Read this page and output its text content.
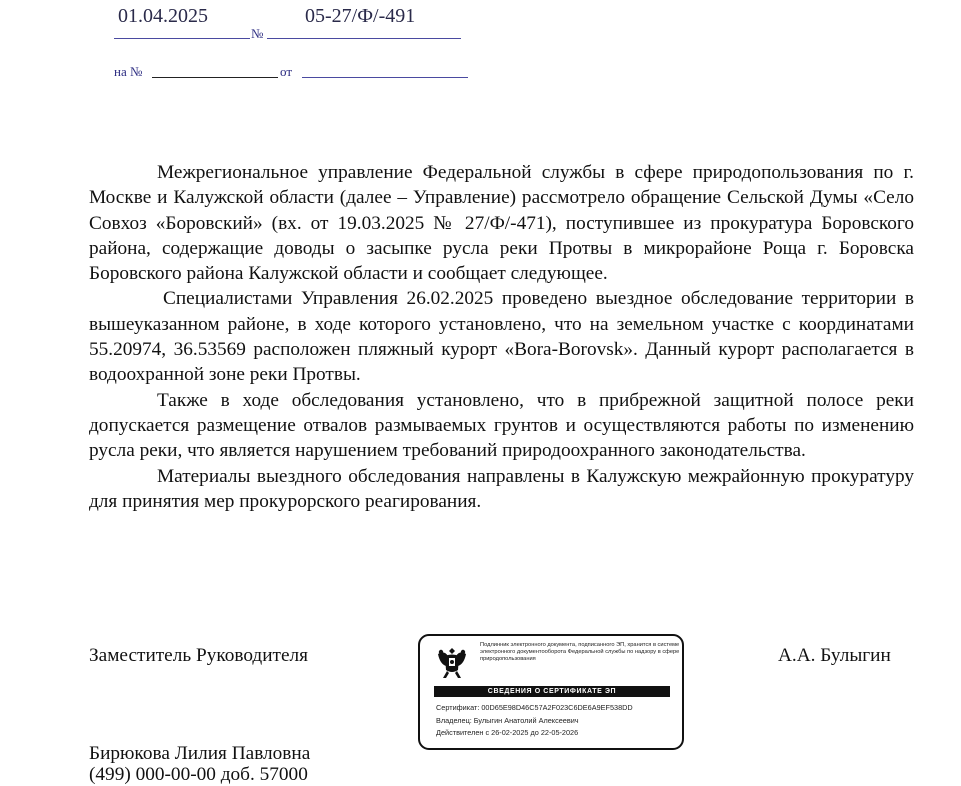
01.04.2025	05-27/Ф/-491
№
на №	от

Межрегиональное управление Федеральной службы в сфере природопользования по г. Москве и Калужской области (далее – Управление) рассмотрело обращение Сельской Думы «Село Совхоз «Боровский» (вх. от 19.03.2025 № 27/Ф/-471), поступившее из прокуратура Боровского района, содержащие доводы о засыпке русла реки Протвы в микрорайоне Роща г. Боровска Боровского района Калужской области и сообщает следующее.

Специалистами Управления 26.02.2025 проведено выездное обследование территории в вышеуказанном районе, в ходе которого установлено, что на земельном участке с координатами 55.20974, 36.53569 расположен пляжный курорт «Bora-Borovsk». Данный курорт располагается в водоохранной зоне реки Протвы.

Также в ходе обследования установлено, что в прибрежной защитной полосе реки допускается размещение отвалов размываемых грунтов и осуществляются работы по изменению русла реки, что является нарушением требований природоохранного законодательства.

Материалы выездного обследования направлены в Калужскую межрайонную прокуратуру для принятия мер прокурорского реагирования.

Заместитель Руководителя	А.А. Булыгин
Подлинник электронного документа, подписанного ЭП, хранится в системе электронного документооборота Федеральной службы по надзору в сфере природопользования
СВЕДЕНИЯ О СЕРТИФИКАТЕ ЭП
Сертификат: 00D65E98D46C57A2F023C6DE6A9EF538DD
Владелец: Булыгин Анатолий Алексеевич
Действителен с 26-02-2025 до 22-05-2026
Бирюкова Лилия Павловна
(499) 000-00-00 доб. 57000
